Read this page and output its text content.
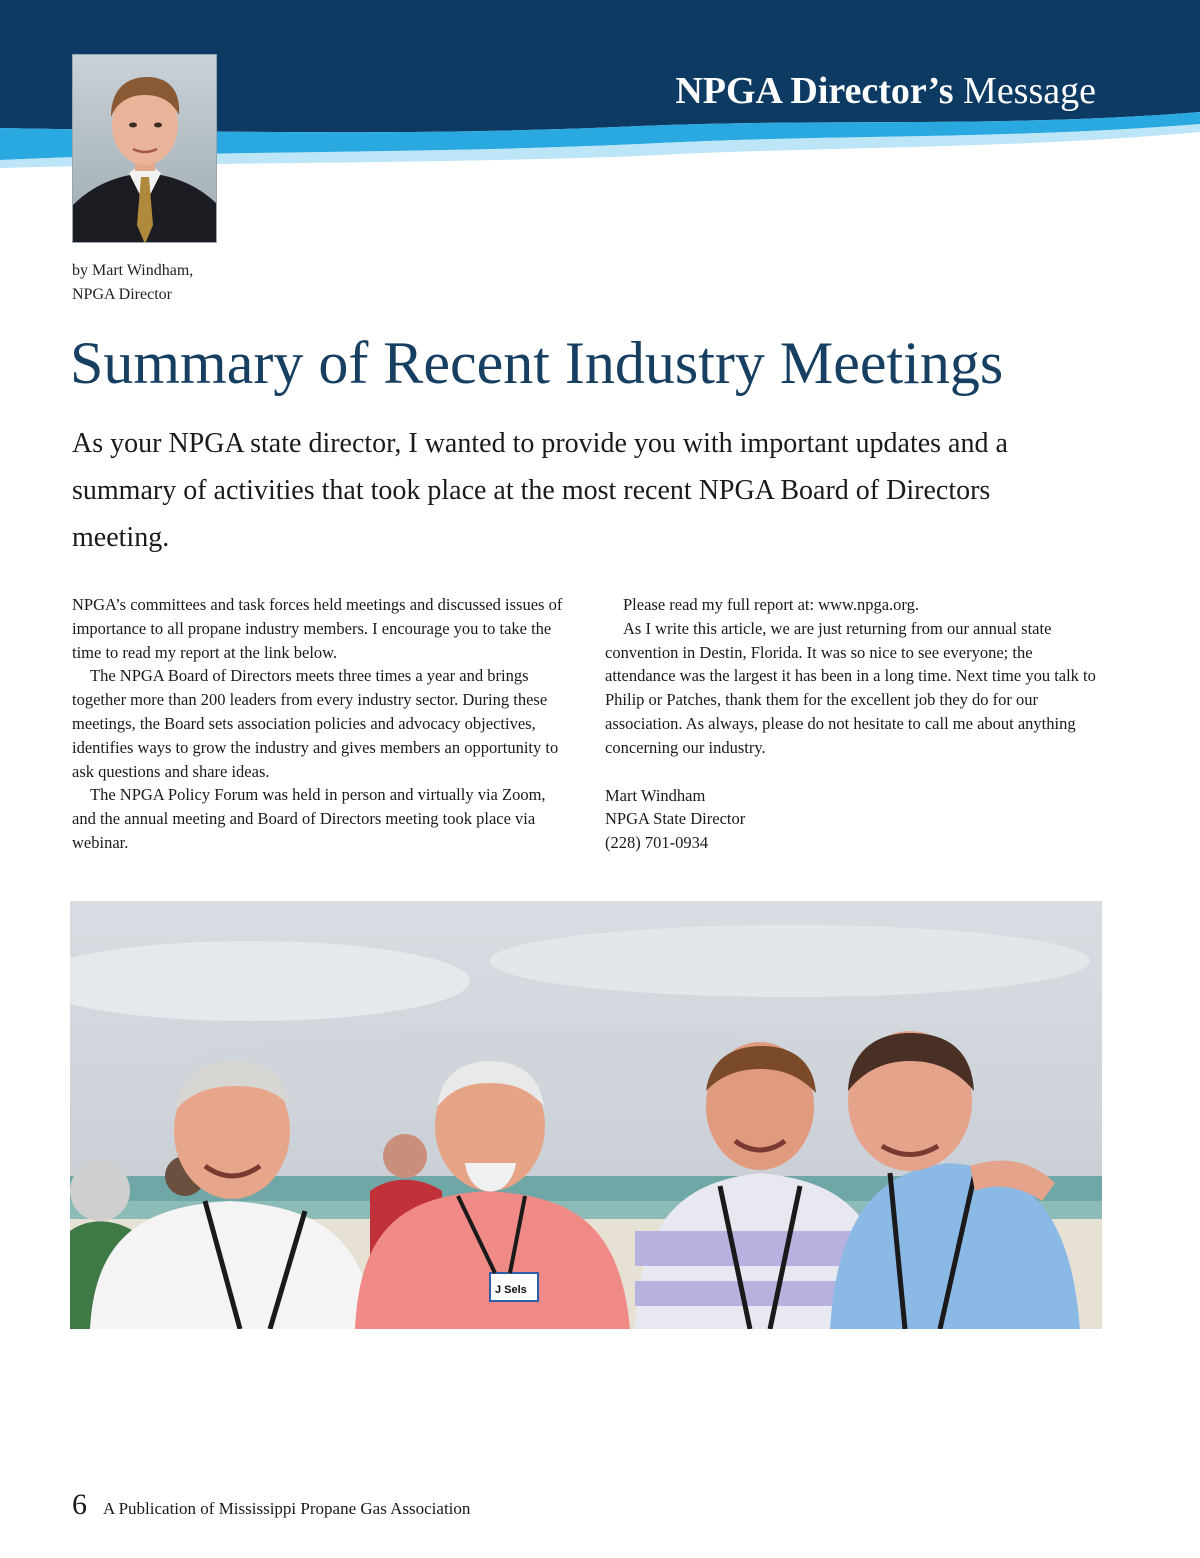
NPGA Director’s Message
by Mart Windham,
NPGA Director
Summary of Recent Industry Meetings

As your NPGA state director, I wanted to provide you with important updates and a summary of activities that took place at the most recent NPGA Board of Directors meeting.

NPGA’s committees and task forces held meetings and discussed issues of importance to all propane industry members. I encourage you to take the time to read my report at the link below.

The NPGA Board of Directors meets three times a year and brings together more than 200 leaders from every industry sector. During these meetings, the Board sets association policies and advocacy objectives, identifies ways to grow the industry and gives members an opportunity to ask questions and share ideas.

The NPGA Policy Forum was held in person and virtually via Zoom, and the annual meeting and Board of Directors meeting took place via webinar.

Please read my full report at: www.npga.org.

As I write this article, we are just returning from our annual state convention in Destin, Florida. It was so nice to see everyone; the attendance was the largest it has been in a long time. Next time you talk to Philip or Patches, thank them for the excellent job they do for our association. As always, please do not hesitate to call me about anything concerning our industry.

Mart Windham
NPGA State Director
(228) 701-0934
J Sels
6 A Publication of Mississippi Propane Gas Association
